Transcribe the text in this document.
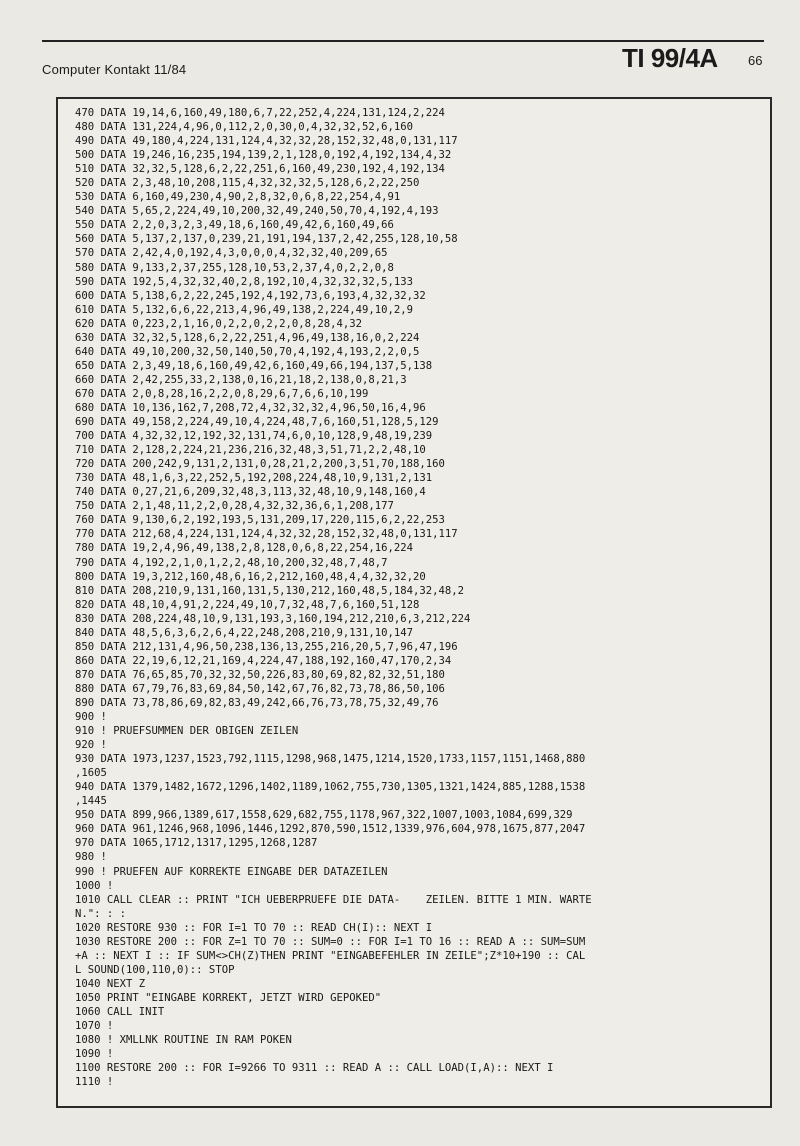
Computer Kontakt 11/84	TI 99/4A 66
470 DATA 19,14,6,160,49,180,6,7,22,252,4,224,131,124,2,224
480 DATA 131,224,4,96,0,112,2,0,30,0,4,32,32,52,6,160
490 DATA 49,180,4,224,131,124,4,32,32,28,152,32,48,0,131,117
500 DATA 19,246,16,235,194,139,2,1,128,0,192,4,192,134,4,32
510 DATA 32,32,5,128,6,2,22,251,6,160,49,230,192,4,192,134
520 DATA 2,3,48,10,208,115,4,32,32,32,5,128,6,2,22,250
530 DATA 6,160,49,230,4,90,2,8,32,0,6,8,22,254,4,91
540 DATA 5,65,2,224,49,10,200,32,49,240,50,70,4,192,4,193
550 DATA 2,2,0,3,2,3,49,18,6,160,49,42,6,160,49,66
560 DATA 5,137,2,137,0,239,21,191,194,137,2,42,255,128,10,58
570 DATA 2,42,4,0,192,4,3,0,0,0,4,32,32,40,209,65
580 DATA 9,133,2,37,255,128,10,53,2,37,4,0,2,2,0,8
590 DATA 192,5,4,32,32,40,2,8,192,10,4,32,32,32,5,133
600 DATA 5,138,6,2,22,245,192,4,192,73,6,193,4,32,32,32
610 DATA 5,132,6,6,22,213,4,96,49,138,2,224,49,10,2,9
620 DATA 0,223,2,1,16,0,2,2,0,2,2,0,8,28,4,32
630 DATA 32,32,5,128,6,2,22,251,4,96,49,138,16,0,2,224
640 DATA 49,10,200,32,50,140,50,70,4,192,4,193,2,2,0,5
650 DATA 2,3,49,18,6,160,49,42,6,160,49,66,194,137,5,138
660 DATA 2,42,255,33,2,138,0,16,21,18,2,138,0,8,21,3
670 DATA 2,0,8,28,16,2,2,0,8,29,6,7,6,6,10,199
680 DATA 10,136,162,7,208,72,4,32,32,32,4,96,50,16,4,96
690 DATA 49,158,2,224,49,10,4,224,48,7,6,160,51,128,5,129
700 DATA 4,32,32,12,192,32,131,74,6,0,10,128,9,48,19,239
710 DATA 2,128,2,224,21,236,216,32,48,3,51,71,2,2,48,10
720 DATA 200,242,9,131,2,131,0,28,21,2,200,3,51,70,188,160
730 DATA 48,1,6,3,22,252,5,192,208,224,48,10,9,131,2,131
740 DATA 0,27,21,6,209,32,48,3,113,32,48,10,9,148,160,4
750 DATA 2,1,48,11,2,2,0,28,4,32,32,36,6,1,208,177
760 DATA 9,130,6,2,192,193,5,131,209,17,220,115,6,2,22,253
770 DATA 212,68,4,224,131,124,4,32,32,28,152,32,48,0,131,117
780 DATA 19,2,4,96,49,138,2,8,128,0,6,8,22,254,16,224
790 DATA 4,192,2,1,0,1,2,2,48,10,200,32,48,7,48,7
800 DATA 19,3,212,160,48,6,16,2,212,160,48,4,4,32,32,20
810 DATA 208,210,9,131,160,131,5,130,212,160,48,5,184,32,48,2
820 DATA 48,10,4,91,2,224,49,10,7,32,48,7,6,160,51,128
830 DATA 208,224,48,10,9,131,193,3,160,194,212,210,6,3,212,224
840 DATA 48,5,6,3,6,2,6,4,22,248,208,210,9,131,10,147
850 DATA 212,131,4,96,50,238,136,13,255,216,20,5,7,96,47,196
860 DATA 22,19,6,12,21,169,4,224,47,188,192,160,47,170,2,34
870 DATA 76,65,85,70,32,32,50,226,83,80,69,82,82,32,51,180
880 DATA 67,79,76,83,69,84,50,142,67,76,82,73,78,86,50,106
890 DATA 73,78,86,69,82,83,49,242,66,76,73,78,75,32,49,76
900 !
910 ! PRUEFSUMMEN DER OBIGEN ZEILEN
920 !
930 DATA 1973,1237,1523,792,1115,1298,968,1475,1214,1520,1733,1157,1151,1468,880
,1605
940 DATA 1379,1482,1672,1296,1402,1189,1062,755,730,1305,1321,1424,885,1288,1538
,1445
950 DATA 899,966,1389,617,1558,629,682,755,1178,967,322,1007,1003,1084,699,329
960 DATA 961,1246,968,1096,1446,1292,870,590,1512,1339,976,604,978,1675,877,2047
970 DATA 1065,1712,1317,1295,1268,1287
980 !
990 ! PRUEFEN AUF KORREKTE EINGABE DER DATAZEILEN
1000 !
1010 CALL CLEAR :: PRINT "ICH UEBERPRUEFE DIE DATA-    ZEILEN. BITTE 1 MIN. WARTE
N.": : :
1020 RESTORE 930 :: FOR I=1 TO 70 :: READ CH(I):: NEXT I
1030 RESTORE 200 :: FOR Z=1 TO 70 :: SUM=0 :: FOR I=1 TO 16 :: READ A :: SUM=SUM
+A :: NEXT I :: IF SUM<>CH(Z)THEN PRINT "EINGABEFEHLER IN ZEILE";Z*10+190 :: CAL
L SOUND(100,110,0):: STOP
1040 NEXT Z
1050 PRINT "EINGABE KORREKT, JETZT WIRD GEPOKED"
1060 CALL INIT
1070 !
1080 ! XMLLNK ROUTINE IN RAM POKEN
1090 !
1100 RESTORE 200 :: FOR I=9266 TO 9311 :: READ A :: CALL LOAD(I,A):: NEXT I
1110 !
